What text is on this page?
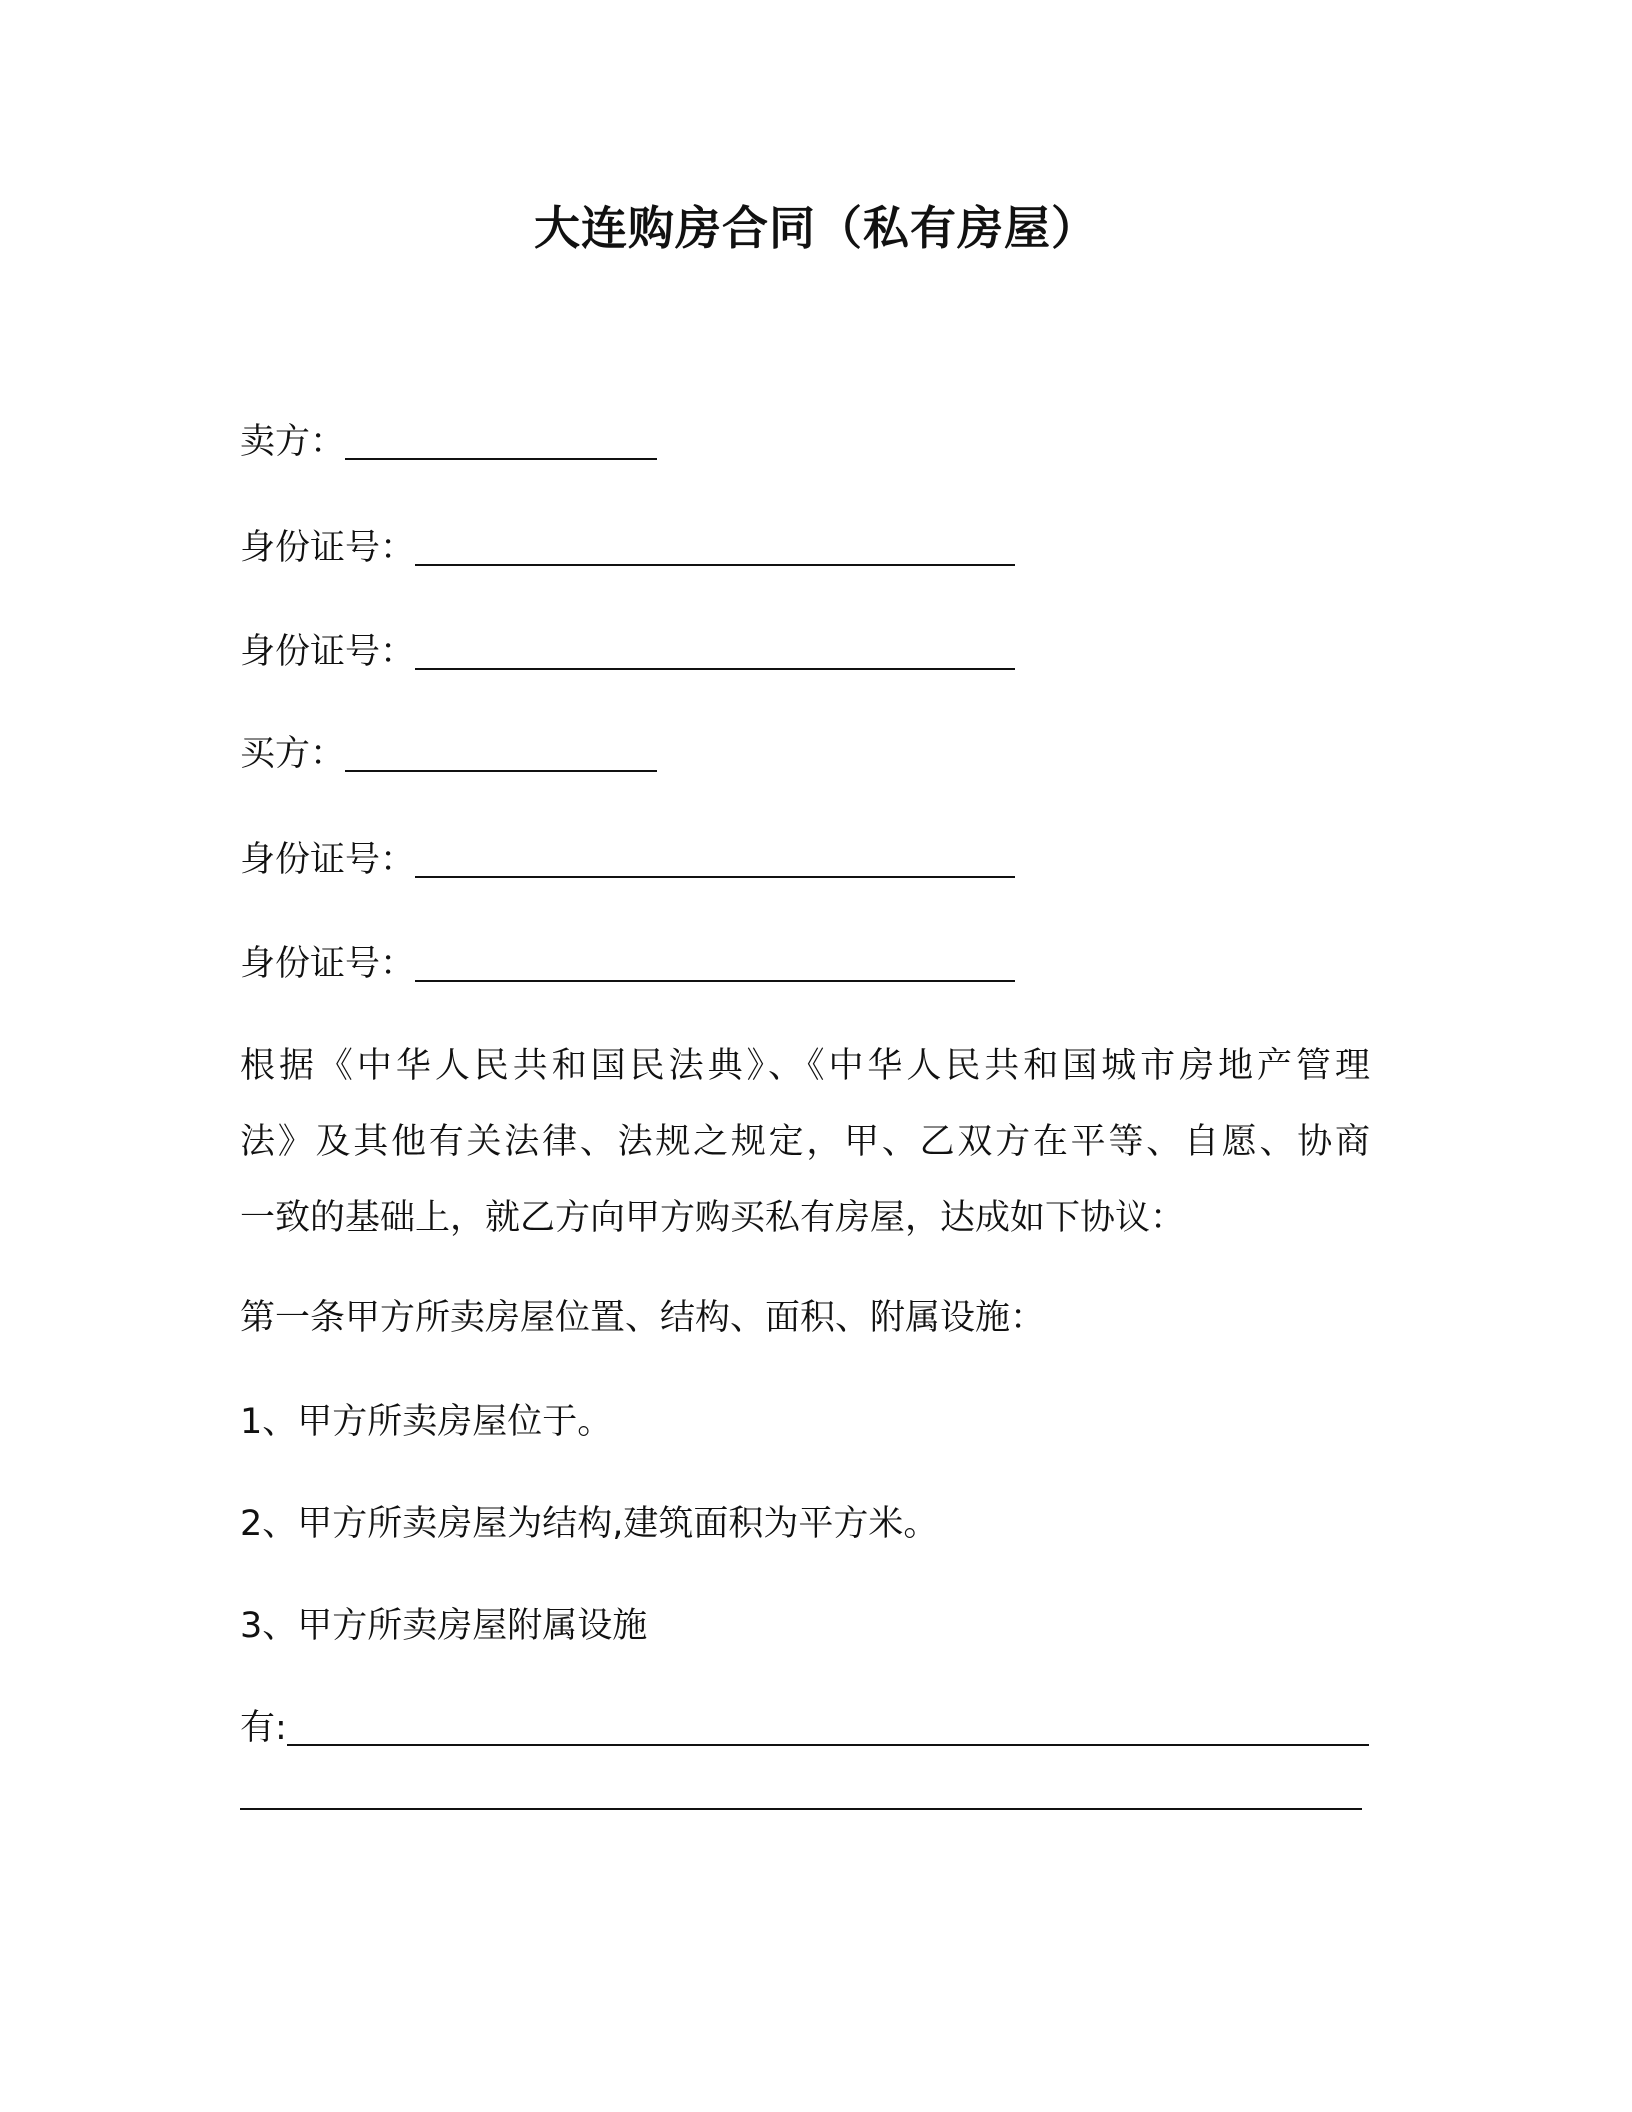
大连购房合同（私有房屋）
卖方：
身份证号：
身份证号：
买方：
身份证号：
身份证号：
根据《中华人民共和国民法典》、《中华人民共和国城市房地产管理
法》及其他有关法律、法规之规定，甲、乙双方在平等、自愿、协商
一致的基础上，就乙方向甲方购买私有房屋，达成如下协议：
第一条甲方所卖房屋位置、结构、面积、附属设施：
1、甲方所卖房屋位于。
2、甲方所卖房屋为结构,建筑面积为平方米。
3、甲方所卖房屋附属设施
有:
